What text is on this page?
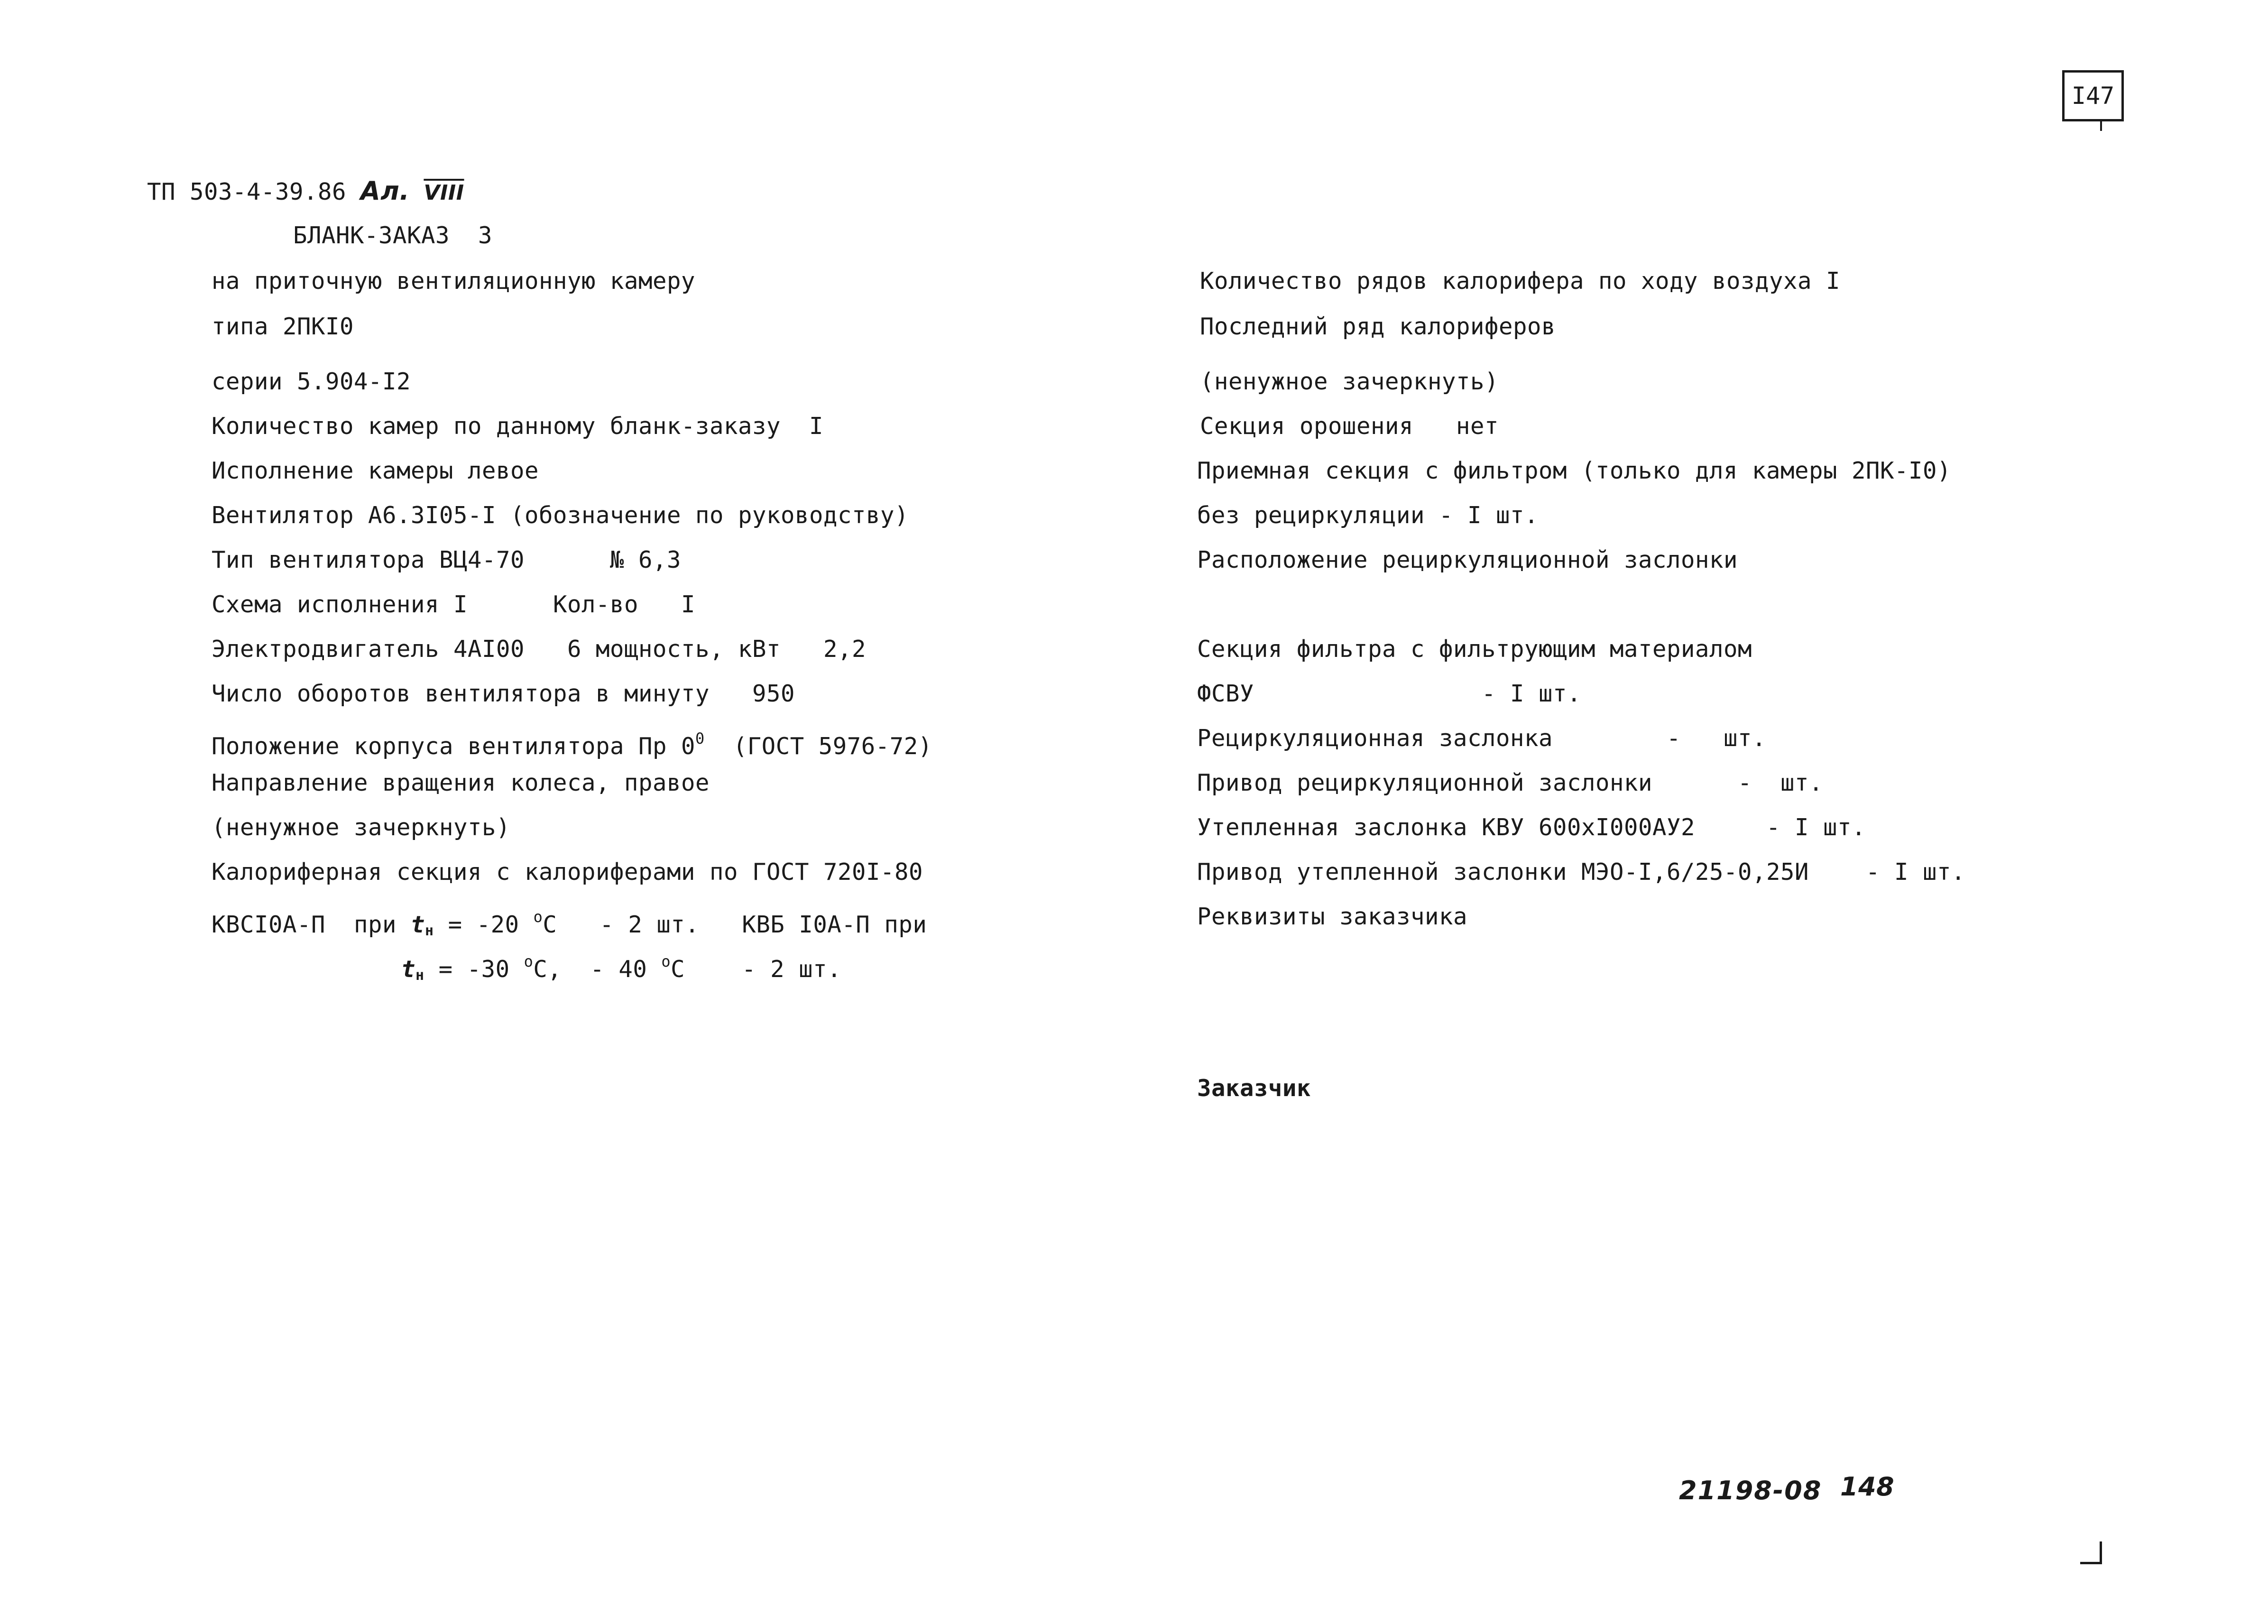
I47
ТП 503-4-39.86 Ал. VIII
БЛАНК-ЗАКАЗ  3
на приточную вентиляционную камеру
типа 2ПКI0
серии 5.904-I2
Количество камер по данному бланк-заказу  I
Исполнение камеры левое
Вентилятор А6.3I05-I (обозначение по руководству)
Тип вентилятора ВЦ4-70      № 6,3
Схема исполнения I      Кол-во   I
Электродвигатель 4АI00   6 мощность, кВт   2,2
Число оборотов вентилятора в минуту   950
Положение корпуса вентилятора Пр $0^0$  (ГОСТ 5976-72)
Направление вращения колеса, правое
(ненужное зачеркнуть)
Калориферная секция с калориферами по ГОСТ 720I-80
КВСI0А-П  при $t_н = -20$ $^о$С   - 2 шт.   КВБ I0А-П при
$t_н = -30$ $^о$С,  - 40 $^о$С    - 2 шт.
Количество рядов калорифера по ходу воздуха I
Последний ряд калориферов
(ненужное зачеркнуть)
Секция орошения   нет
Приемная секция с фильтром (только для камеры 2ПК-I0)
без рециркуляции - I шт.
Расположение рециркуляционной заслонки
Секция фильтра с фильтрующим материалом
ФСВУ                - I шт.
Рециркуляционная заслонка        -   шт.
Привод рециркуляционной заслонки      -  шт.
Утепленная заслонка КВУ 600хI000АУ2     - I шт.
Привод утепленной заслонки МЭО-I,6/25-0,25И    - I шт.
Реквизиты заказчика
Заказчик
21198-08 148
